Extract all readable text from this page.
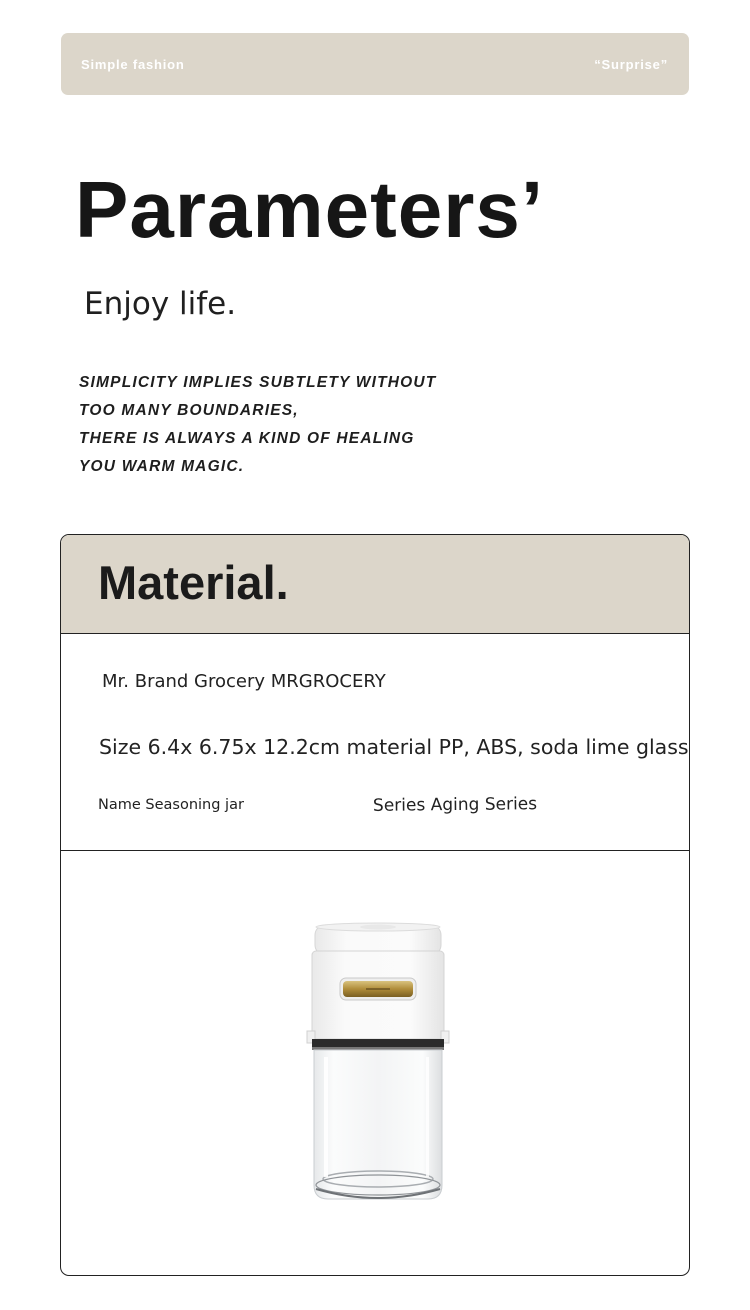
Simple fashion	“Surprise”
Parameters’
Enjoy life.

SIMPLICITY IMPLIES SUBTLETY WITHOUT
TOO MANY BOUNDARIES,
THERE IS ALWAYS A KIND OF HEALING
YOU WARM MAGIC.

Material.
Mr. Brand Grocery MRGROCERY
Size 6.4x 6.75x 12.2cm material PP, ABS, soda lime glass
Name Seasoning jar	Series Aging Series
